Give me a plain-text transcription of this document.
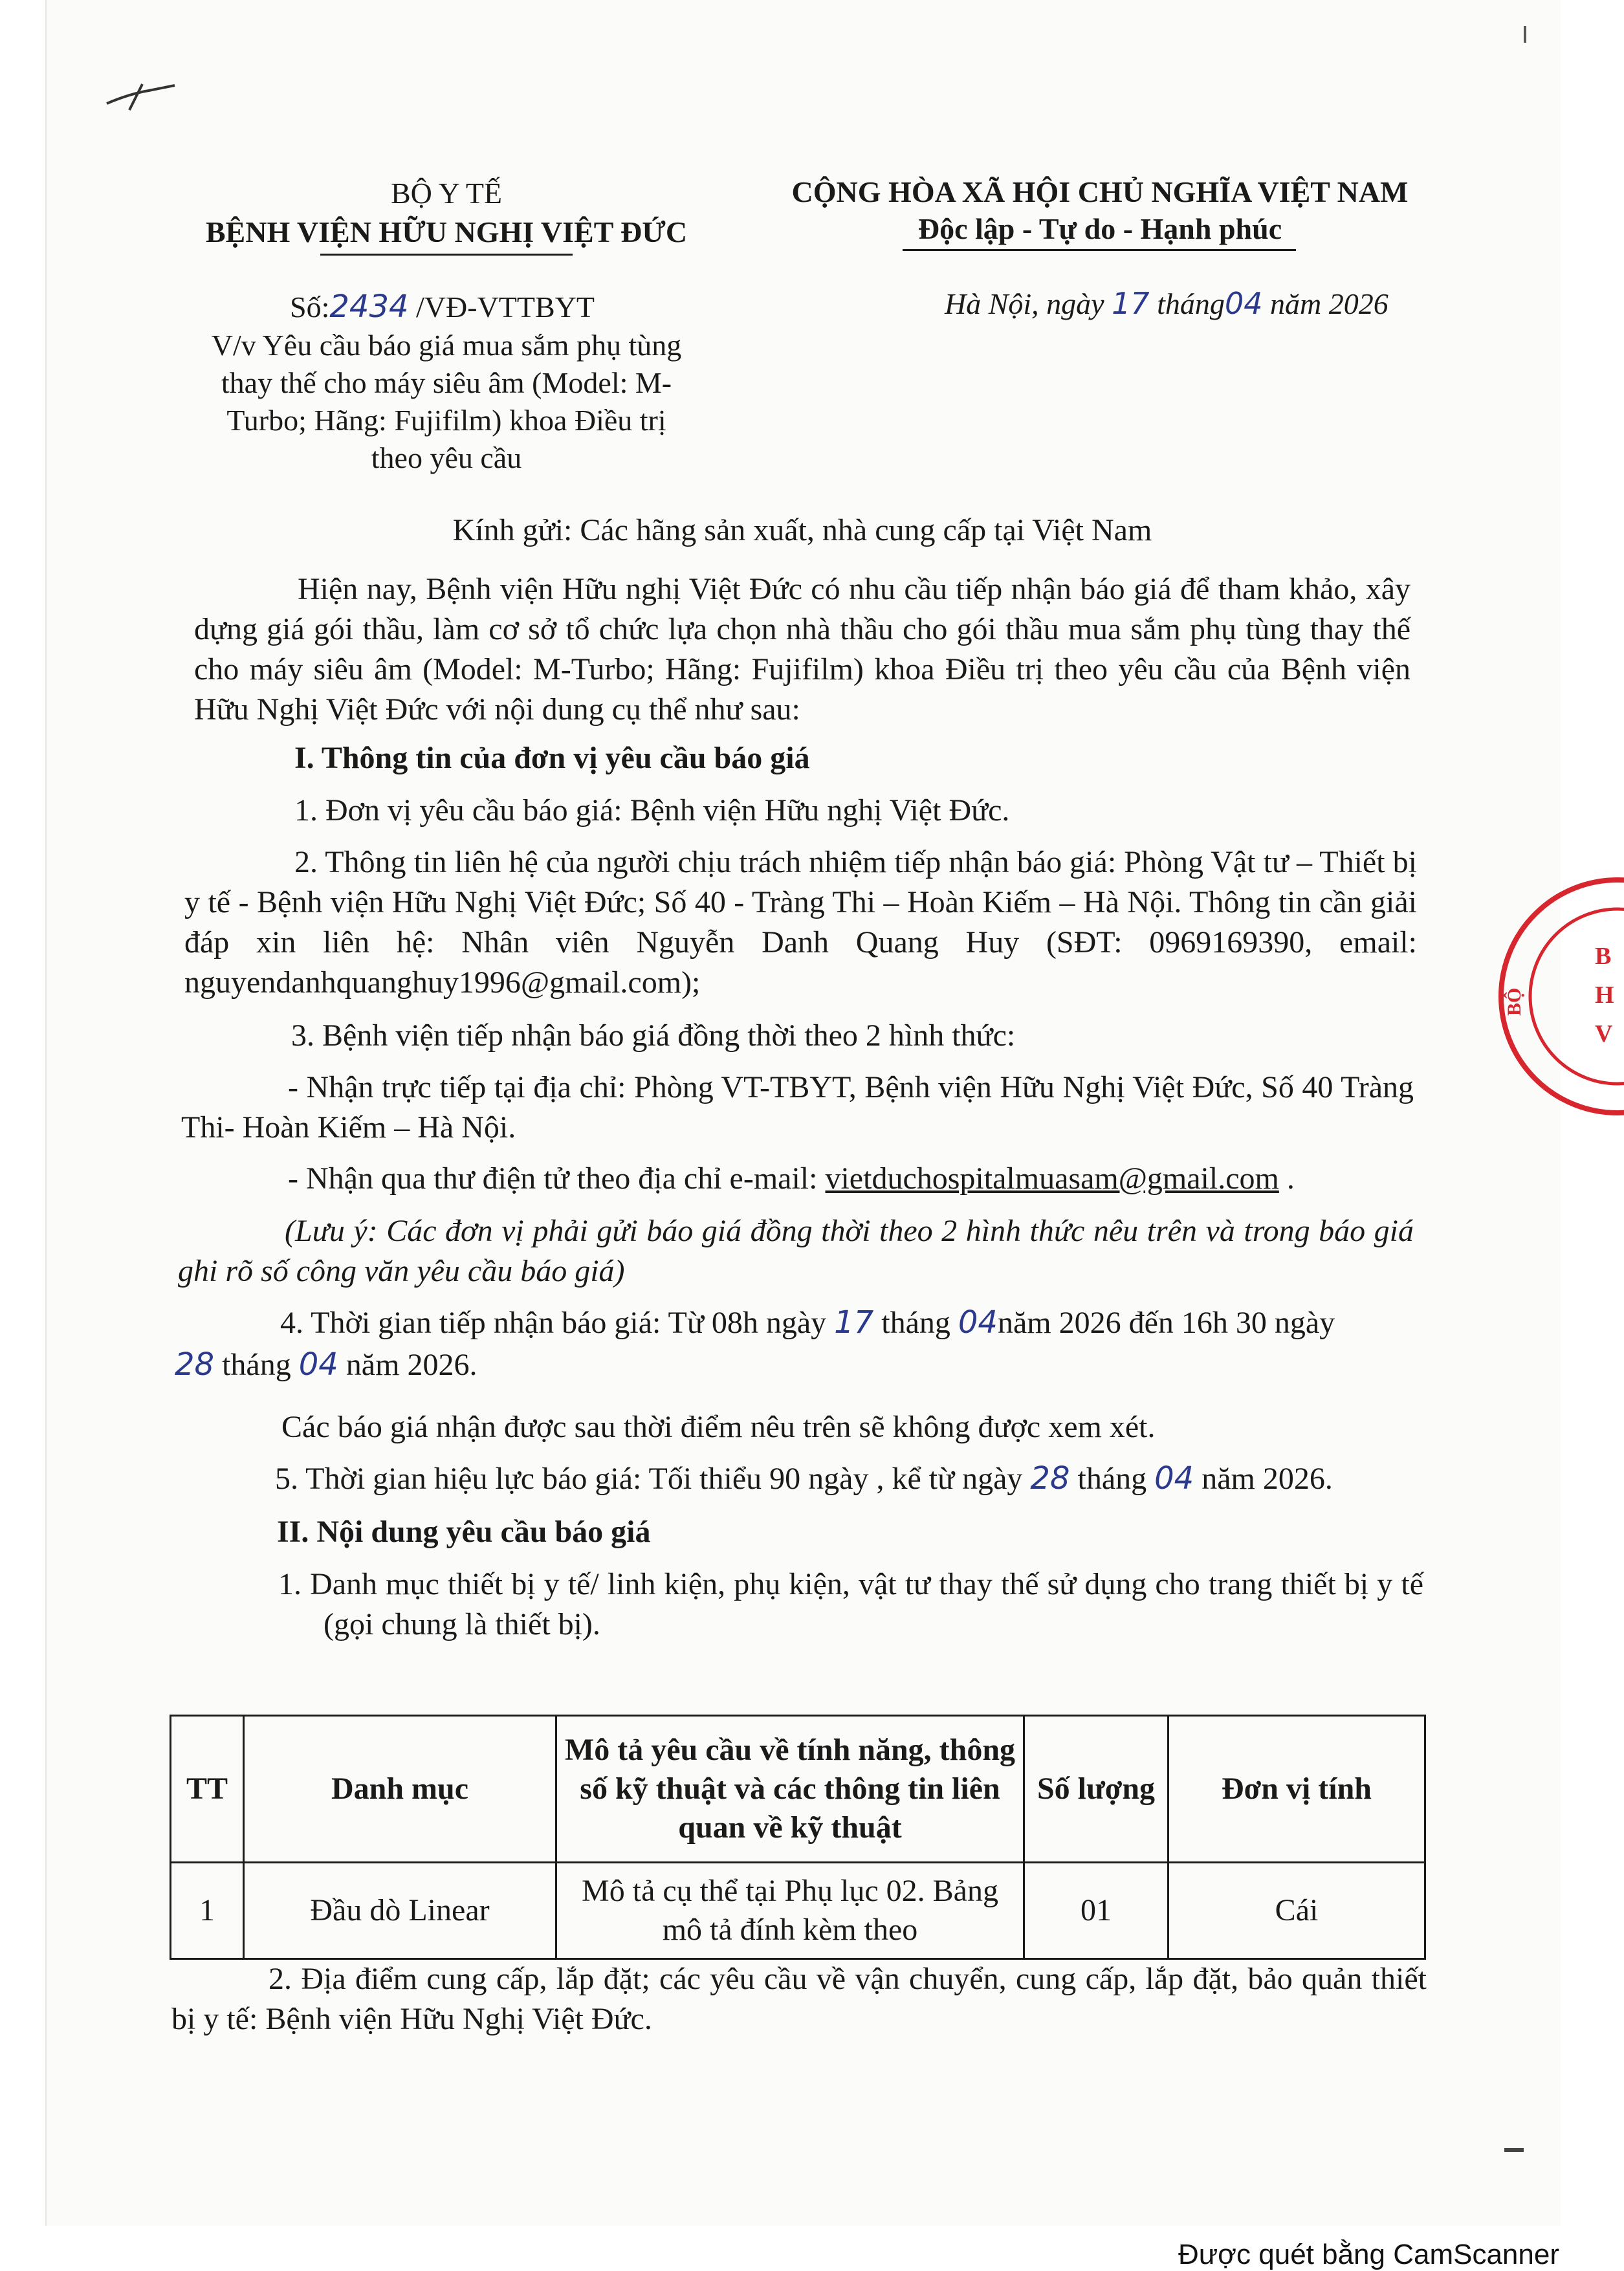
BỘ Y TẾ
BỆNH VIỆN HỮU NGHỊ VIỆT ĐỨC
Số:2434 /VĐ-VTTBYT
V/v Yêu cầu báo giá mua sắm phụ tùng
thay thế cho máy siêu âm (Model: M-
Turbo; Hãng: Fujifilm) khoa Điều trị
theo yêu cầu
CỘNG HÒA XÃ HỘI CHỦ NGHĨA VIỆT NAM
Độc lập - Tự do - Hạnh phúc
Hà Nội, ngày 17 tháng04 năm 2026
Kính gửi: Các hãng sản xuất, nhà cung cấp tại Việt Nam

Hiện nay, Bệnh viện Hữu nghị Việt Đức có nhu cầu tiếp nhận báo giá để tham khảo, xây dựng giá gói thầu, làm cơ sở tổ chức lựa chọn nhà thầu cho gói thầu mua sắm phụ tùng thay thế cho máy siêu âm (Model: M-Turbo; Hãng: Fujifilm) khoa Điều trị theo yêu cầu của Bệnh viện Hữu Nghị Việt Đức với nội dung cụ thể như sau:

I. Thông tin của đơn vị yêu cầu báo giá

1. Đơn vị yêu cầu báo giá: Bệnh viện Hữu nghị Việt Đức.

2. Thông tin liên hệ của người chịu trách nhiệm tiếp nhận báo giá: Phòng Vật tư – Thiết bị y tế - Bệnh viện Hữu Nghị Việt Đức; Số 40 - Tràng Thi – Hoàn Kiếm – Hà Nội. Thông tin cần giải đáp xin liên hệ: Nhân viên Nguyễn Danh Quang Huy (SĐT: 0969169390, email: nguyendanhquanghuy1996@gmail.com);

3. Bệnh viện tiếp nhận báo giá đồng thời theo 2 hình thức:

- Nhận trực tiếp tại địa chỉ: Phòng VT-TBYT, Bệnh viện Hữu Nghị Việt Đức, Số 40 Tràng Thi- Hoàn Kiếm – Hà Nội.

- Nhận qua thư điện tử theo địa chỉ e-mail: vietduchospitalmuasam@gmail.com .

(Lưu ý: Các đơn vị phải gửi báo giá đồng thời theo 2 hình thức nêu trên và trong báo giá ghi rõ số công văn yêu cầu báo giá)

4. Thời gian tiếp nhận báo giá: Từ 08h ngày 17 tháng 04năm 2026 đến 16h 30 ngày
28 tháng 04 năm 2026.

Các báo giá nhận được sau thời điểm nêu trên sẽ không được xem xét.

5. Thời gian hiệu lực báo giá: Tối thiểu 90 ngày , kể từ ngày 28 tháng 04 năm 2026.
II. Nội dung yêu cầu báo giá

1. Danh mục thiết bị y tế/ linh kiện, phụ kiện, vật tư thay thế sử dụng cho trang thiết bị y tế (gọi chung là thiết bị).

TT	Danh mục	Mô tả yêu cầu về tính năng, thông số kỹ thuật và các thông tin liên quan về kỹ thuật	Số lượng	Đơn vị tính
1	Đầu dò Linear	Mô tả cụ thể tại Phụ lục 02. Bảng mô tả đính kèm theo	01	Cái

2. Địa điểm cung cấp, lắp đặt; các yêu cầu về vận chuyển, cung cấp, lắp đặt, bảo quản thiết bị y tế: Bệnh viện Hữu Nghị Việt Đức.

B
H
V
BỘ
Được quét bằng CamScanner
